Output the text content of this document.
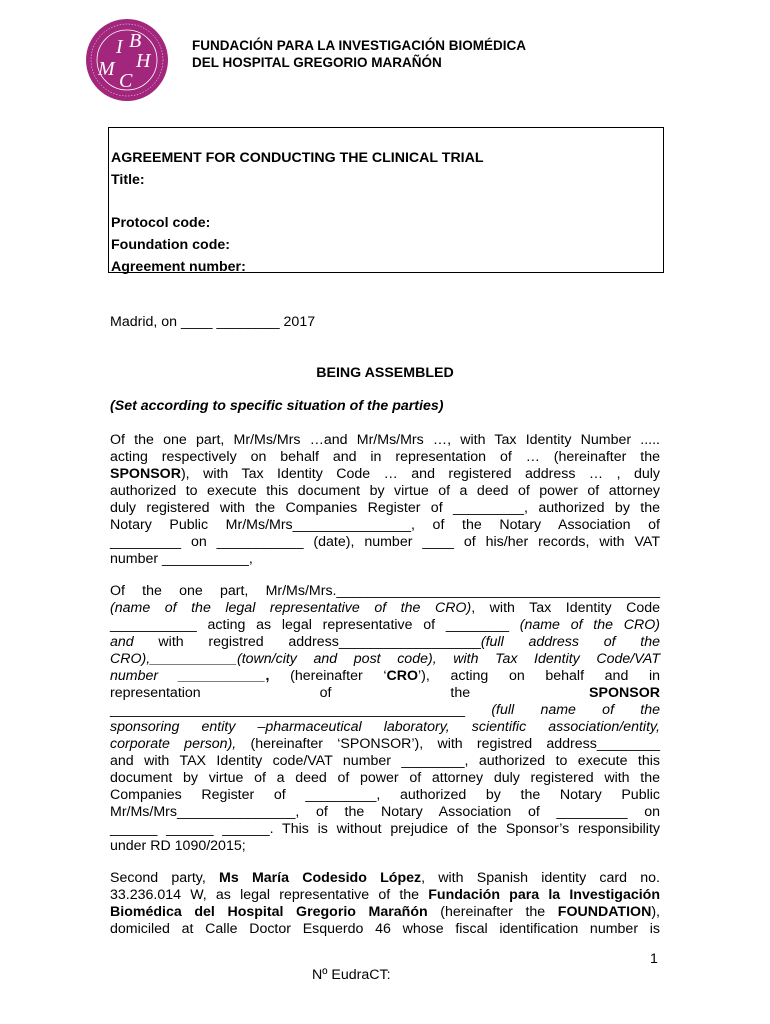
I B
H
M
C
FUNDACIÓN PARA LA INVESTIGACIÓN BIOMÉDICA
DEL HOSPITAL GREGORIO MARAÑÓN
AGREEMENT FOR CONDUCTING THE CLINICAL TRIAL
Title:
Protocol code:
Foundation code:
Agreement number:
Madrid, on ____ ________ 2017
BEING ASSEMBLED
(Set according to specific situation of the parties)
Of the one part, Mr/Ms/Mrs …and Mr/Ms/Mrs …, with Tax Identity Number .....
acting respectively on behalf and in representation of … (hereinafter the
SPONSOR), with Tax Identity Code … and registered address … , duly
authorized to execute this document by virtue of a deed of power of attorney
duly registered with the Companies Register of _________, authorized by the
Notary Public Mr/Ms/Mrs_______________, of the Notary Association of
_________ on ___________ (date), number ____ of his/her records, with VAT
number ___________,
Of the one part, Mr/Ms/Mrs._________________________________________
(name of the legal representative of the CRO), with Tax Identity Code
___________ acting as legal representative of ________ (name of the CRO)
and with registred address__________________(full address of the
CRO),___________(town/city and post code), with Tax Identity Code/VAT
number ___________, (hereinafter ‘CRO’), acting on behalf and in
representation	of	the	SPONSOR
_____________________________________________ (full name of the
sponsoring entity –pharmaceutical laboratory, scientific association/entity,
corporate person), (hereinafter ‘SPONSOR’), with registred address________
and with TAX Identity code/VAT number ________, authorized to execute this
document by virtue of a deed of power of attorney duly registered with the
Companies Register of _________, authorized by the Notary Public
Mr/Ms/Mrs_______________, of the Notary Association of _________ on
______ ______ ______. This is without prejudice of the Sponsor’s responsibility
under RD 1090/2015;
Second party, Ms María Codesido López, with Spanish identity card no.
33.236.014 W, as legal representative of the Fundación para la Investigación
Biomédica del Hospital Gregorio Marañón (hereinafter the FOUNDATION),
domiciled at Calle Doctor Esquerdo 46 whose fiscal identification number is
1
Nº EudraCT:
